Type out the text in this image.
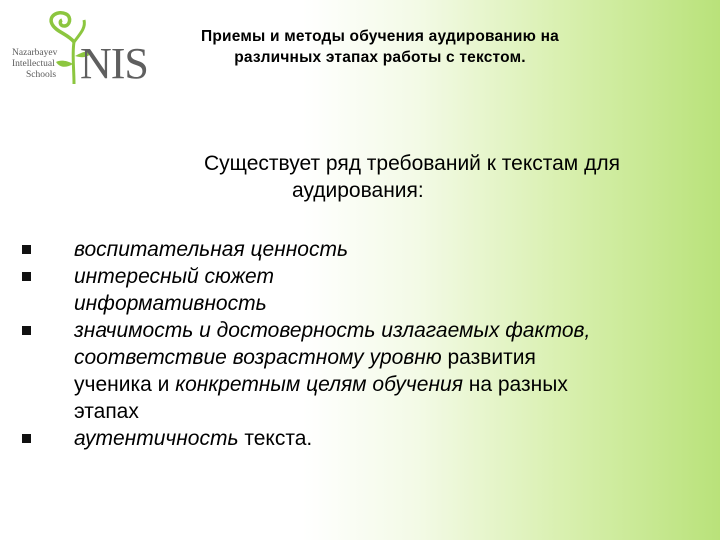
Nazarbayev
Intellectual
Schools NIS
Приемы и методы обучения аудированию на
различных этапах работы с текстом.
Существует ряд требований к текстам для
аудирования:
воспитательная ценность
интересный сюжет
информативность
значимость и достоверность излагаемых фактов,
соответствие возрастному уровню развития
ученика и конкретным целям обучения на разных
этапах
аутентичность текста.
